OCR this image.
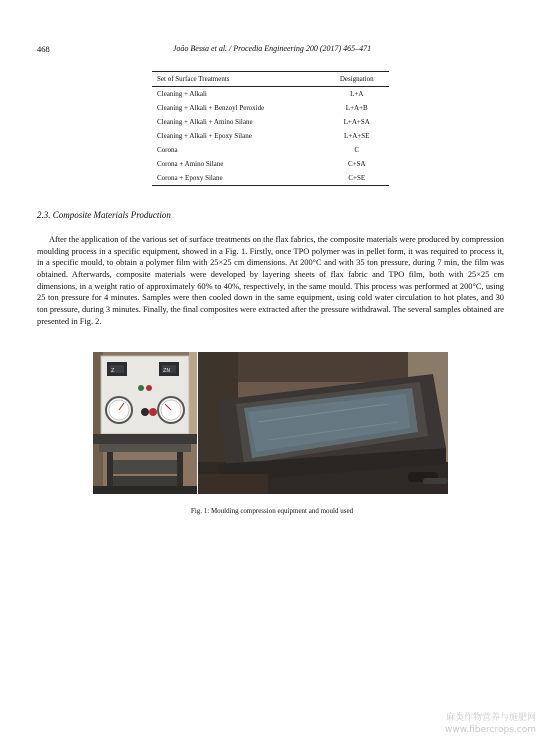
468	João Bessa et al. / Procedia Engineering 200 (2017) 465–471
Set of Surface Treatments	Designation
Cleaning + Alkali	L+A
Cleaning + Alkali + Benzoyl Peroxide	L+A+B
Cleaning + Alkali + Amino Silane	L+A+SA
Cleaning + Alkali + Epoxy Silane	L+A+SE
Corona	C
Corona + Amino Silane	C+SA
Corona + Epoxy Silane	C+SE
2.3. Composite Materials Production

After the application of the various set of surface treatments on the flax fabrics, the composite materials were produced by compression moulding process in a specific equipment, showed in a Fig. 1. Firstly, once TPO polymer was in pellet form, it was required to process it, in a specific mould, to obtain a polymer film with 25×25 cm dimensions. At 200°C and with 35 ton pressure, during 7 min, the film was obtained. Afterwards, composite materials were developed by layering sheets of flax fabric and TPO film, both with 25×25 cm dimensions, in a weight ratio of approximately 60% to 40%, respectively, in the same mould. This process was performed at 200°C, using 25 ton pressure for 4 minutes. Samples were then cooled down in the same equipment, using cold water circulation to hot plates, and 30 ton pressure, during 3 minutes. Finally, the final composites were extracted after the pressure withdrawal. The several samples obtained are presented in Fig. 2.

Z	ZN
Fig. 1: Moulding compression equipment and mould used
麻类作物营养与施肥网
www.fibercrops.com
